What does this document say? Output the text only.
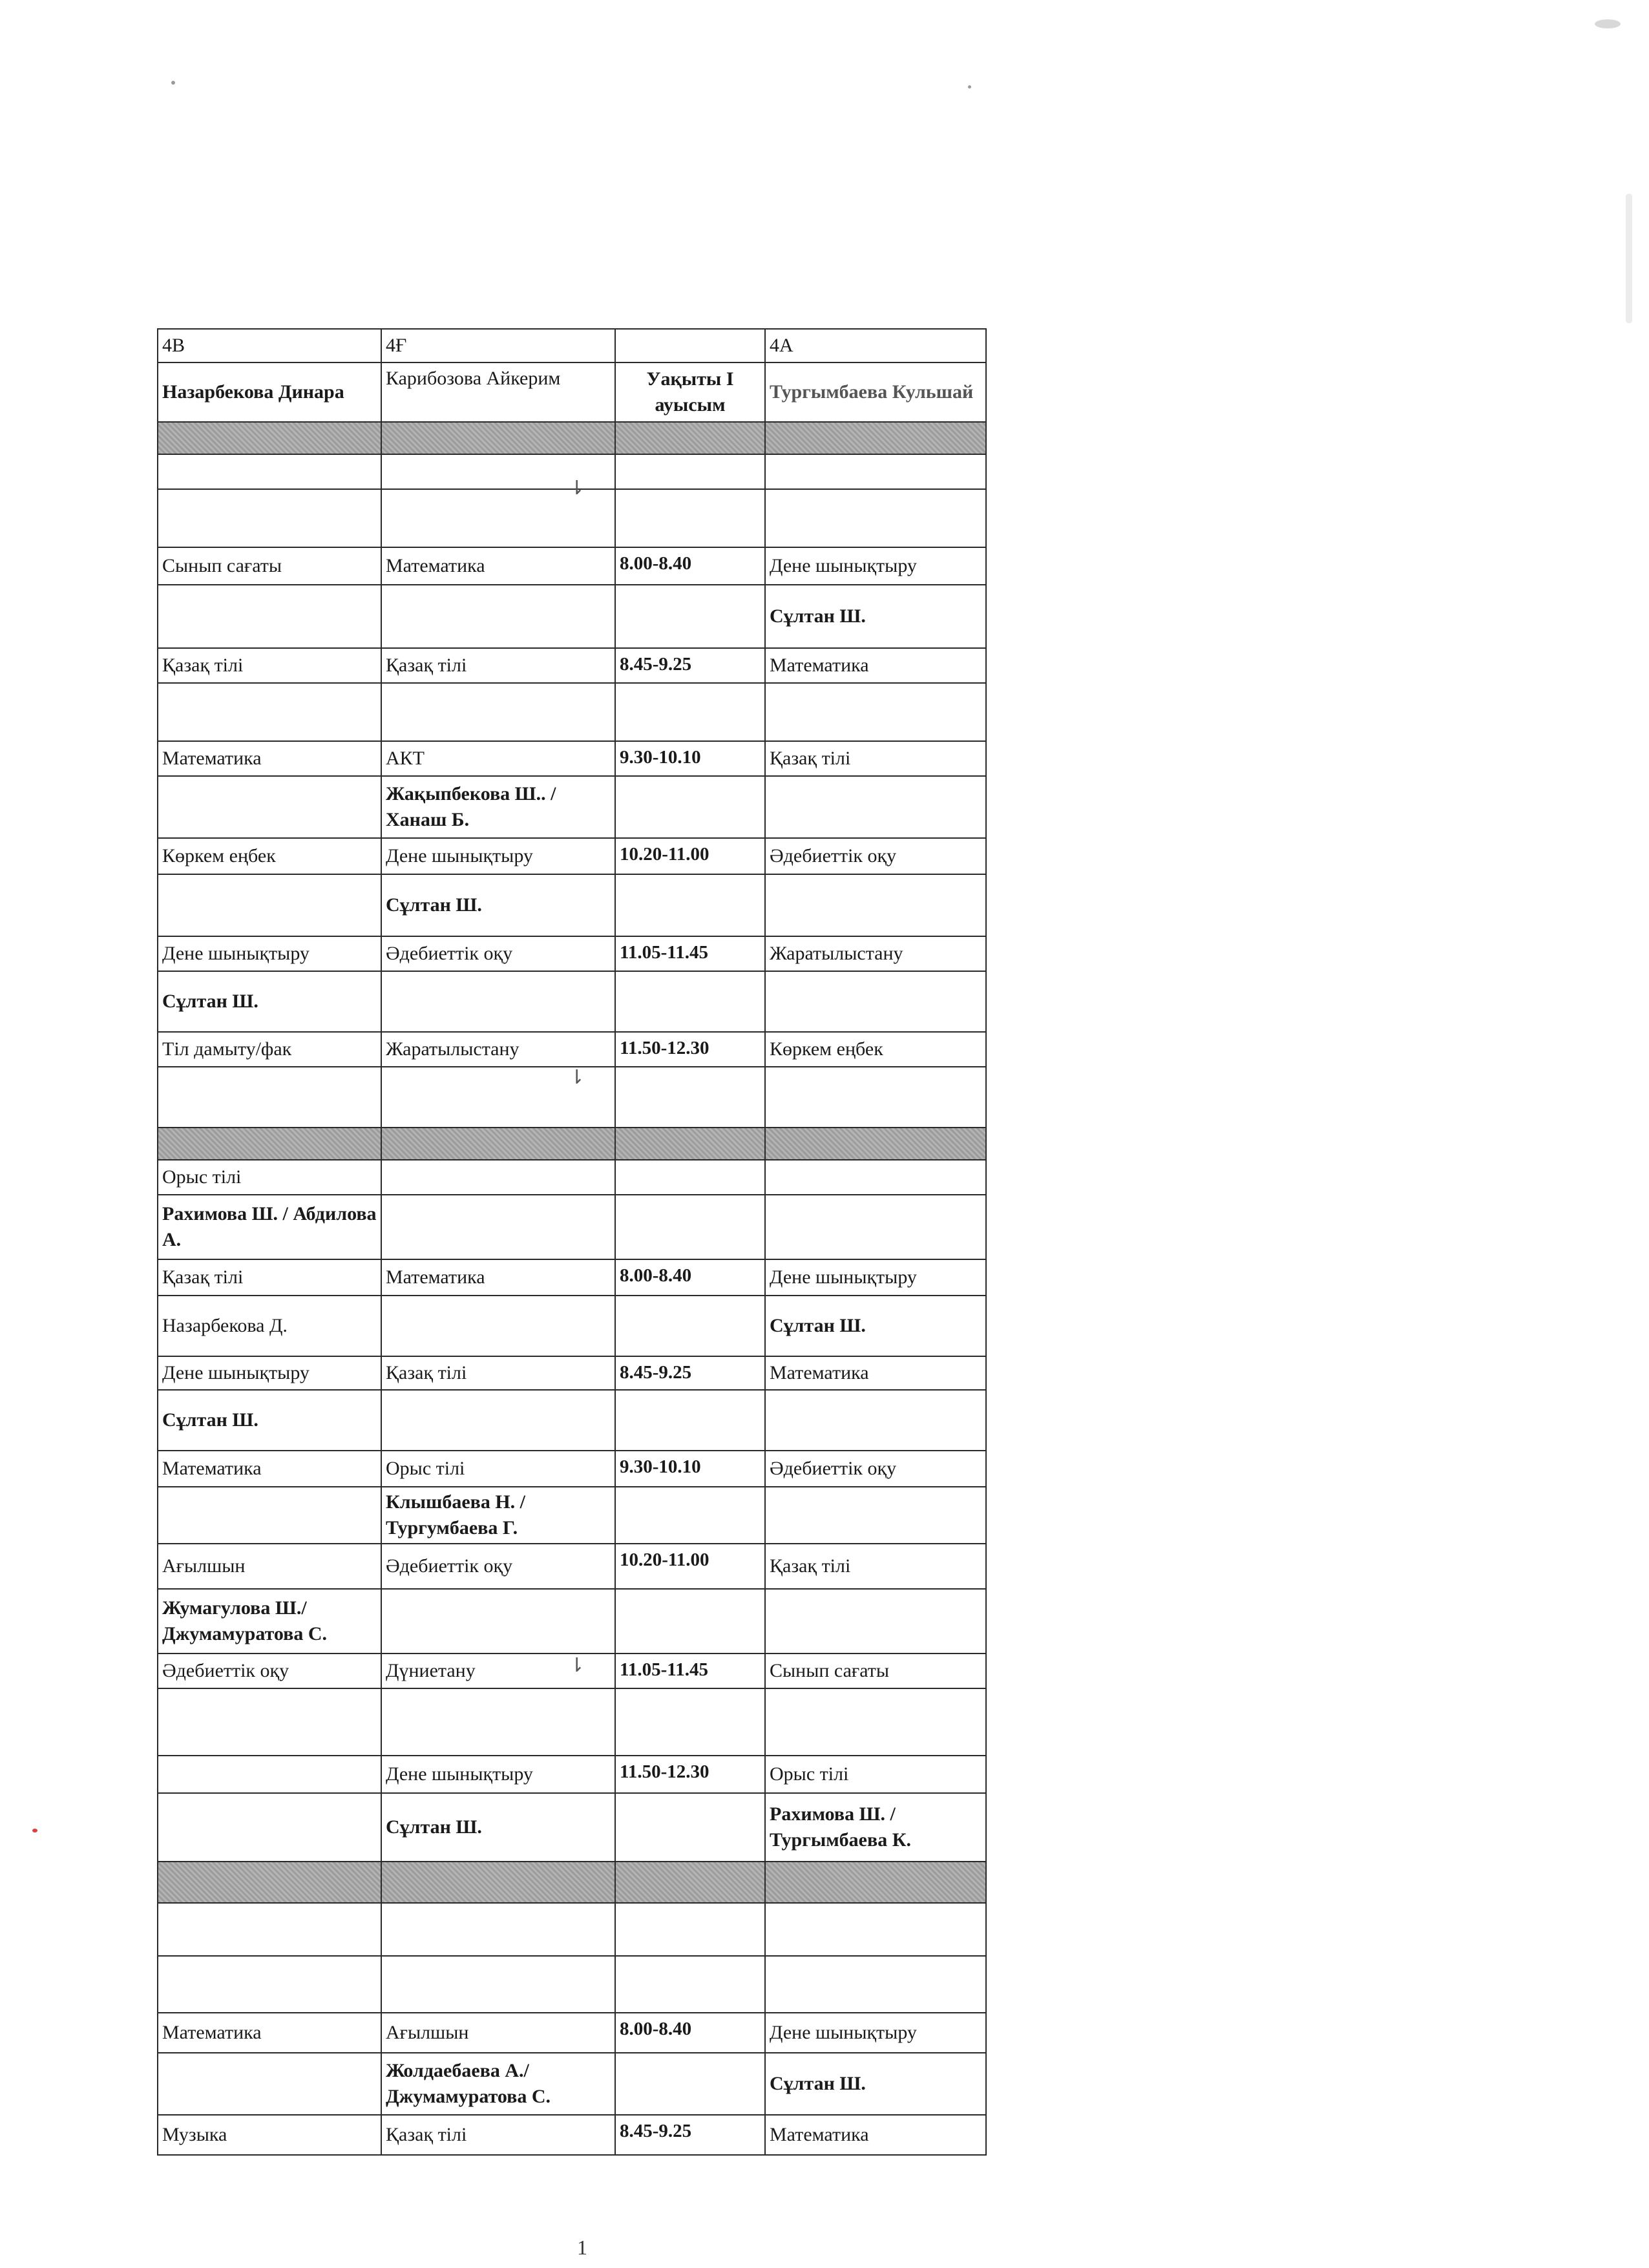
4В	4Ғ		4А
Назарбекова Динара	Карибозова Айкерим	Уақыты I ауысым	Тургымбаева Кульшай

Сынып сағаты	Математика	8.00-8.40	Дене шынықтыру
			Сұлтан Ш.
Қазақ тілі	Қазақ тілі	8.45-9.25	Математика

Математика	АКТ	9.30-10.10	Қазақ тілі
	Жақыпбекова Ш.. / Ханаш Б.		
Көркем еңбек	Дене шынықтыру	10.20-11.00	Әдебиеттік оқу
	Сұлтан Ш.		
Дене шынықтыру	Әдебиеттік оқу	11.05-11.45	Жаратылыстану
Сұлтан Ш.			
Тіл дамыту/фак	Жаратылыстану	11.50-12.30	Көркем еңбек

Орыс тілі			
Рахимова Ш. / Абдилова А.			
Қазақ тілі	Математика	8.00-8.40	Дене шынықтыру
Назарбекова Д.			Сұлтан Ш.
Дене шынықтыру	Қазақ тілі	8.45-9.25	Математика
Сұлтан Ш.			
Математика	Орыс тілі	9.30-10.10	Әдебиеттік оқу
	Клышбаева Н. / Тургумбаева Г.		
Ағылшын	Әдебиеттік оқу	10.20-11.00	Қазақ тілі
Жумагулова Ш./ Джумамуратова С.			
Әдебиеттік оқу	Дүниетану	11.05-11.45	Сынып сағаты

	Дене шынықтыру	11.50-12.30	Орыс тілі
	Сұлтан Ш.		Рахимова Ш. / Тургымбаева К.

Математика	Ағылшын	8.00-8.40	Дене шынықтыру
	Жолдаебаева А./ Джумамуратова С.		Сұлтан Ш.
Музыка	Қазақ тілі	8.45-9.25	Математика
⇂
⇂
⇂
1
